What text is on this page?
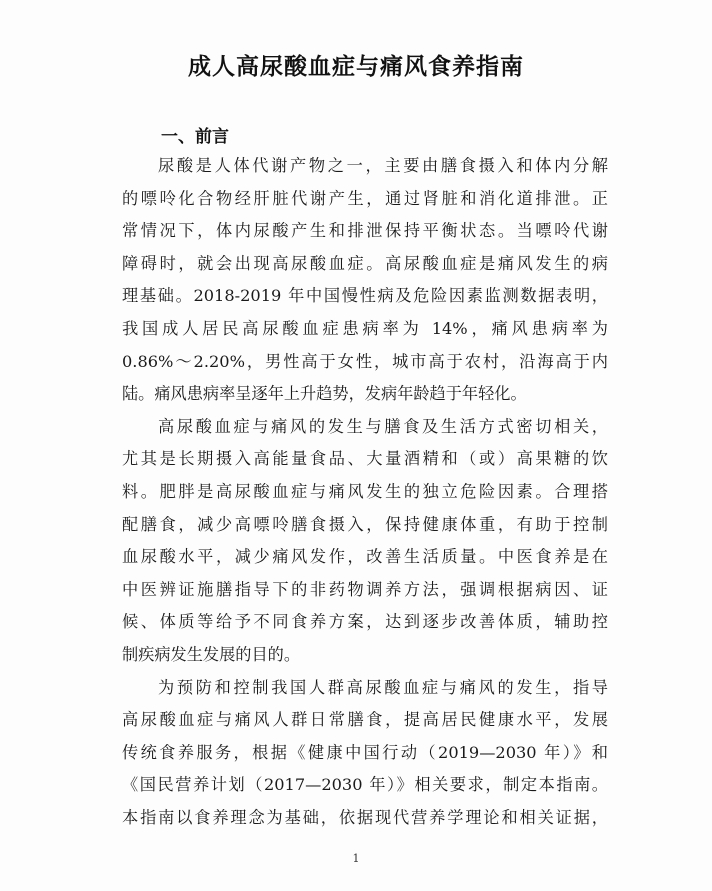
成人高尿酸血症与痛风食养指南
一、前言
尿酸是人体代谢产物之一，主要由膳食摄入和体内分解
的嘌呤化合物经肝脏代谢产生，通过肾脏和消化道排泄。正
常情况下，体内尿酸产生和排泄保持平衡状态。当嘌呤代谢
障碍时，就会出现高尿酸血症。高尿酸血症是痛风发生的病
理基础。2018-2019 年中国慢性病及危险因素监测数据表明，
我国成人居民高尿酸血症患病率为 14%，痛风患病率为
0.86%～2.20%，男性高于女性，城市高于农村，沿海高于内
陆。痛风患病率呈逐年上升趋势，发病年龄趋于年轻化。
高尿酸血症与痛风的发生与膳食及生活方式密切相关，
尤其是长期摄入高能量食品、大量酒精和（或）高果糖的饮
料。肥胖是高尿酸血症与痛风发生的独立危险因素。合理搭
配膳食，减少高嘌呤膳食摄入，保持健康体重，有助于控制
血尿酸水平，减少痛风发作，改善生活质量。中医食养是在
中医辨证施膳指导下的非药物调养方法，强调根据病因、证
候、体质等给予不同食养方案，达到逐步改善体质，辅助控
制疾病发生发展的目的。
为预防和控制我国人群高尿酸血症与痛风的发生，指导
高尿酸血症与痛风人群日常膳食，提高居民健康水平，发展
传统食养服务，根据《健康中国行动（2019—2030 年）》和
《国民营养计划（2017—2030 年）》相关要求，制定本指南。
本指南以食养理念为基础，依据现代营养学理论和相关证据，
1
